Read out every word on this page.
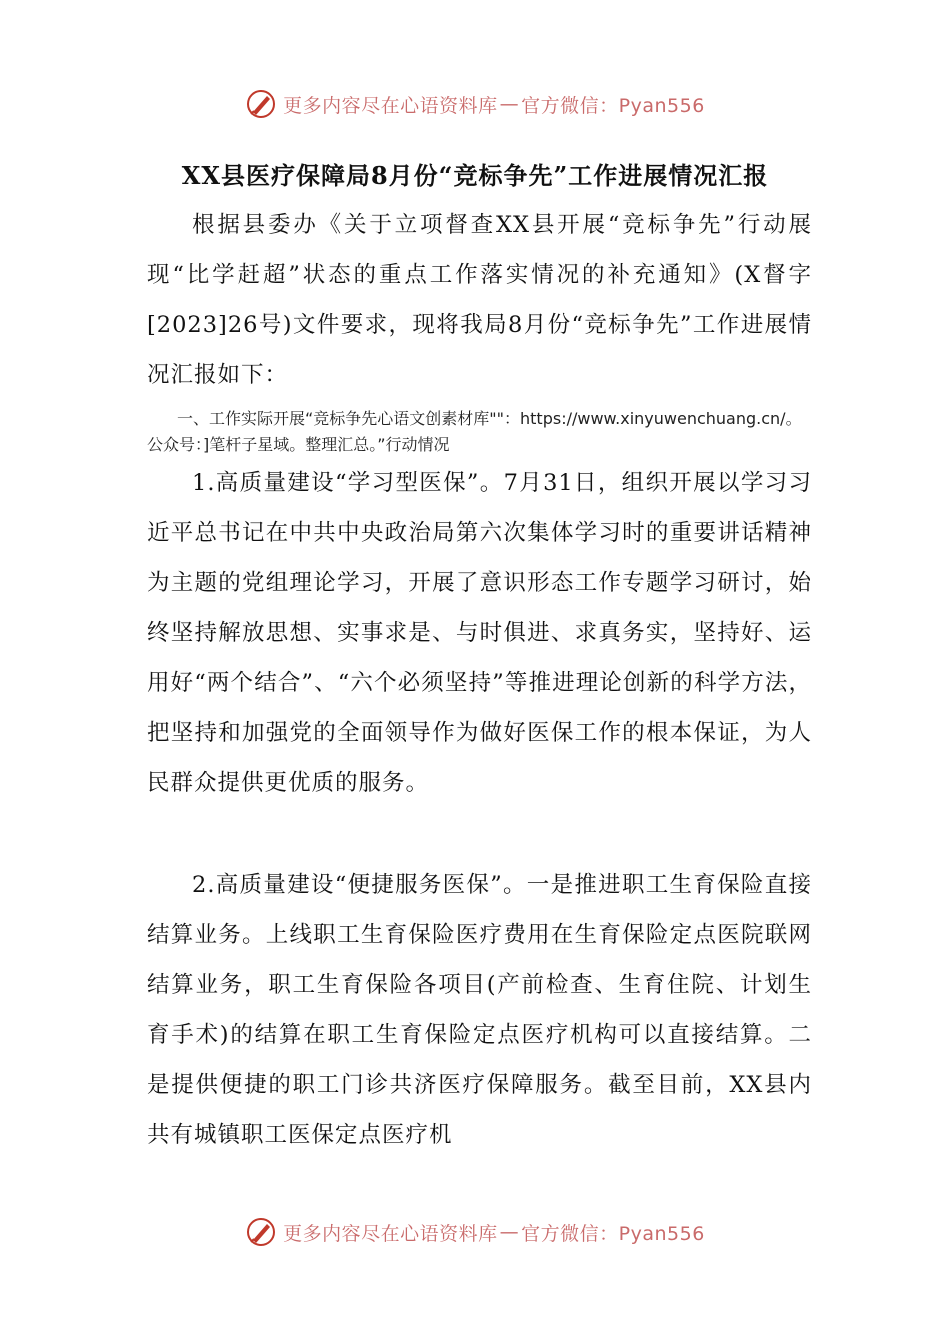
更多内容尽在心语资料库 — 官方微信：Pyan556
XX县医疗保障局8月份“竞标争先”工作进展情况汇报

根据县委办《关于立项督查XX县开展“竞标争先”行动展现“比学赶超”状态的重点工作落实情况的补充通知》(X督字[2023]26号)文件要求，现将我局8月份“竞标争先”工作进展情况汇报如下：

一、工作实际开展“竞标争先心语文创素材库""：https://www.xinyuwenchuang.cn/。公众号：]笔杆子星域。整理汇总。”行动情况

1.高质量建设“学习型医保”。7月31日，组织开展以学习习近平总书记在中共中央政治局第六次集体学习时的重要讲话精神为主题的党组理论学习，开展了意识形态工作专题学习研讨，始终坚持解放思想、实事求是、与时俱进、求真务实，坚持好、运用好“两个结合”、“六个必须坚持”等推进理论创新的科学方法，把坚持和加强党的全面领导作为做好医保工作的根本保证，为人民群众提供更优质的服务。

2.高质量建设“便捷服务医保”。一是推进职工生育保险直接结算业务。上线职工生育保险医疗费用在生育保险定点医院联网结算业务，职工生育保险各项目(产前检查、生育住院、计划生育手术)的结算在职工生育保险定点医疗机构可以直接结算。二是提供便捷的职工门诊共济医疗保障服务。截至目前，XX县内共有城镇职工医保定点医疗机

更多内容尽在心语资料库 — 官方微信：Pyan556
